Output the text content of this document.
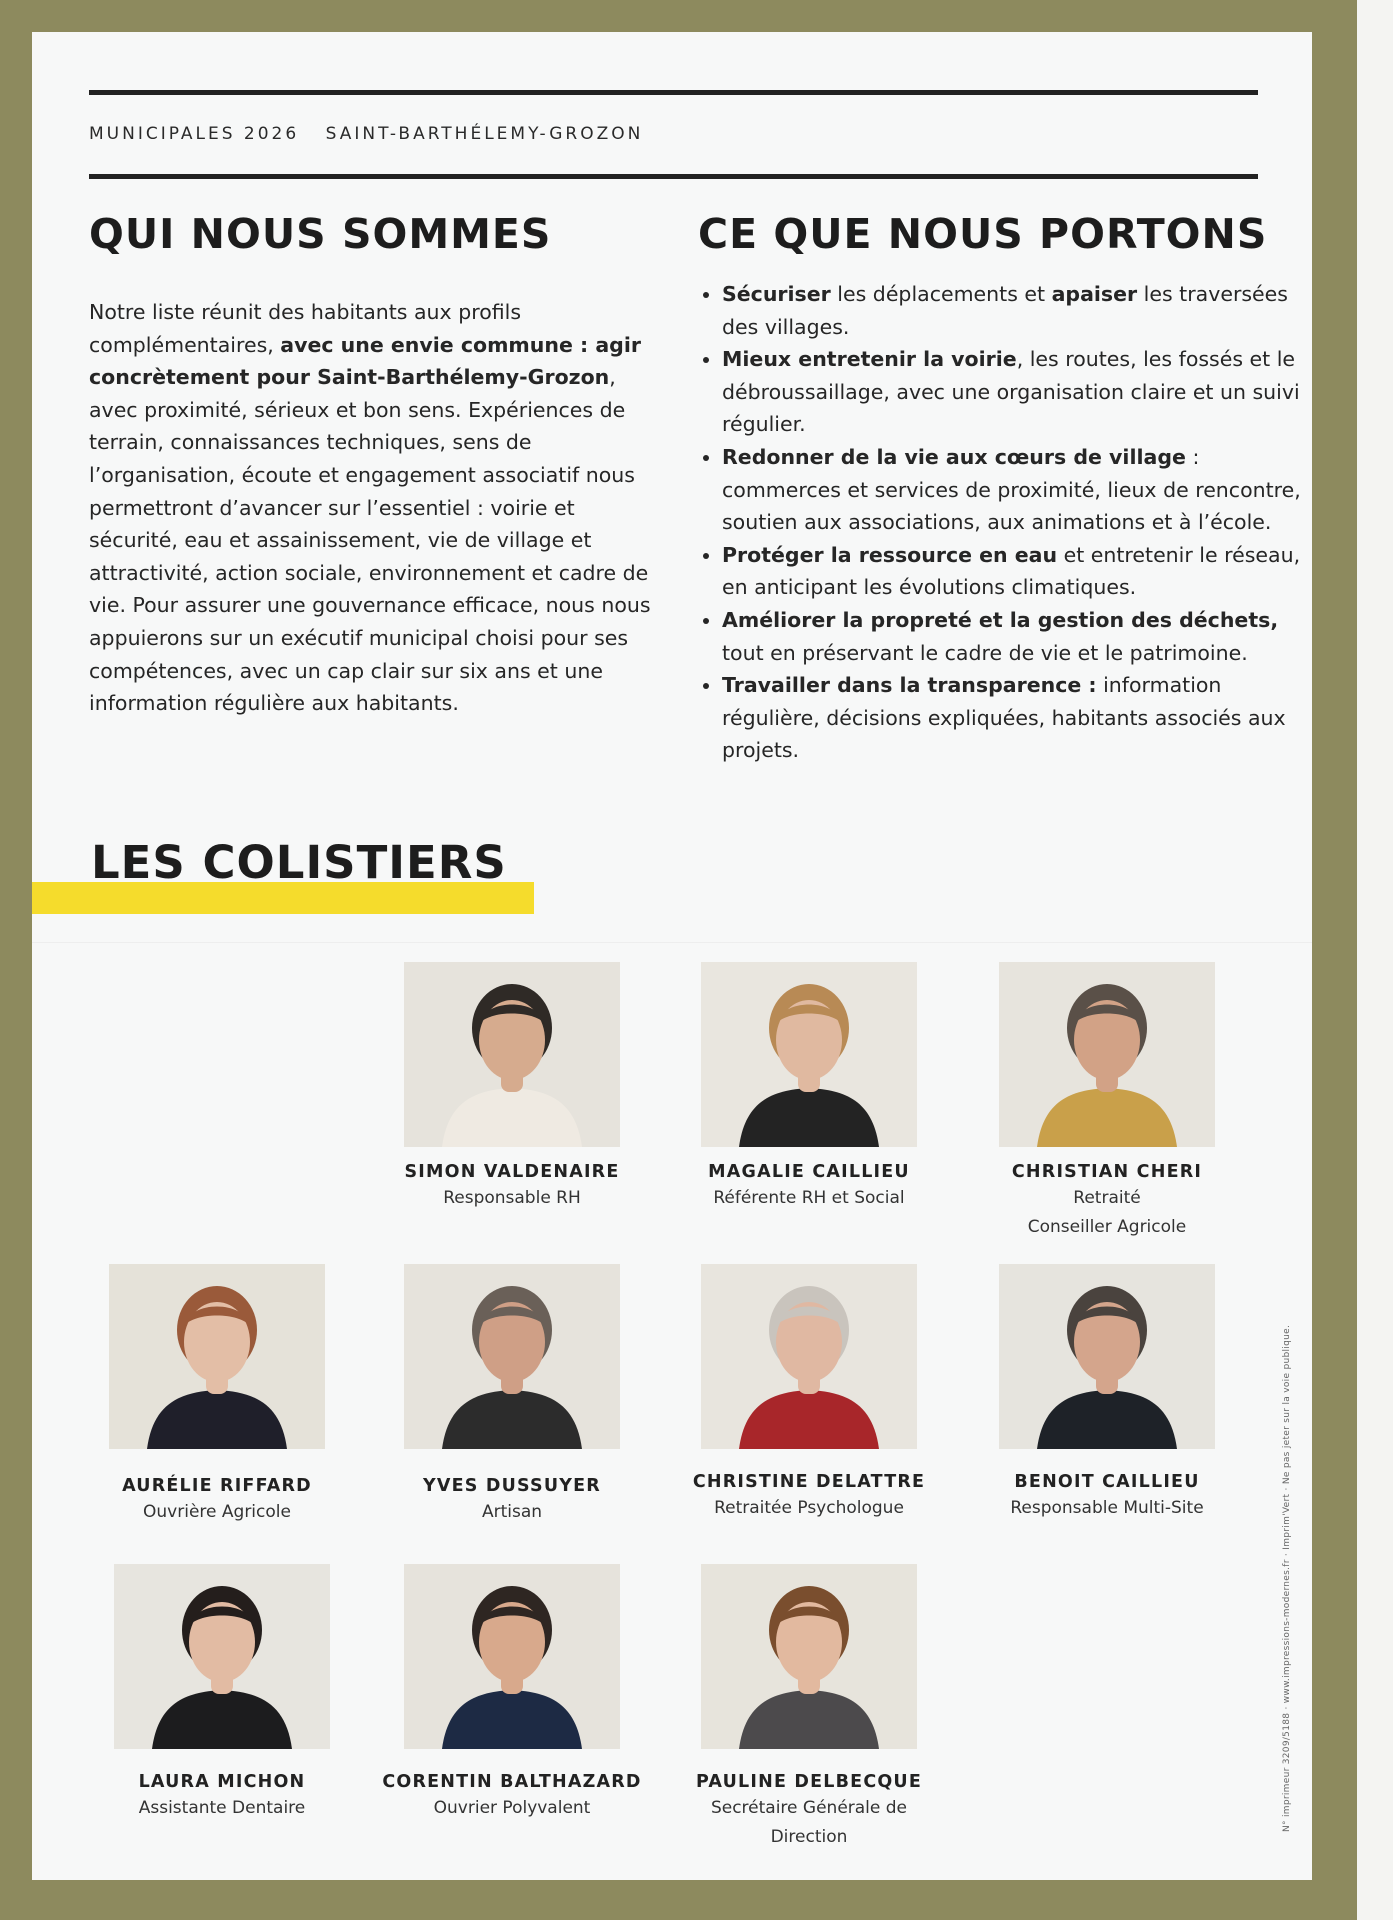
MUNICIPALES 2026 SAINT-BARTHÉLEMY-GROZON
QUI NOUS SOMMES	CE QUE NOUS PORTONS
Notre liste réunit des habitants aux profils complémentaires, avec une envie commune : agir concrètement pour Saint-Barthélemy-Grozon, avec proximité, sérieux et bon sens. Expériences de terrain, connaissances techniques, sens de l’organisation, écoute et engagement associatif nous permettront d’avancer sur l’essentiel : voirie et sécurité, eau et assainissement, vie de village et attractivité, action sociale, environnement et cadre de vie. Pour assurer une gouvernance efficace, nous nous appuierons sur un exécutif municipal choisi pour ses compétences, avec un cap clair sur six ans et une information régulière aux habitants.
• Sécuriser les déplacements et apaiser les traversées des villages.
• Mieux entretenir la voirie, les routes, les fossés et le débroussaillage, avec une organisation claire et un suivi régulier.
• Redonner de la vie aux cœurs de village : commerces et services de proximité, lieux de rencontre, soutien aux associations, aux animations et à l’école.
• Protéger la ressource en eau et entretenir le réseau, en anticipant les évolutions climatiques.
• Améliorer la propreté et la gestion des déchets, tout en préservant le cadre de vie et le patrimoine.
• Travailler dans la transparence : information régulière, décisions expliquées, habitants associés aux projets.
LES COLISTIERS
SIMON VALDENAIRE
Responsable RH
MAGALIE CAILLIEU
Référente RH et Social
CHRISTIAN CHERI
Retraité
Conseiller Agricole
AURÉLIE RIFFARD
Ouvrière Agricole
YVES DUSSUYER
Artisan
CHRISTINE DELATTRE
Retraitée Psychologue
BENOIT CAILLIEU
Responsable Multi-Site
LAURA MICHON
Assistante Dentaire
CORENTIN BALTHAZARD
Ouvrier Polyvalent
PAULINE DELBECQUE
Secrétaire Générale de
Direction
N° imprimeur 3209/5188 · www.impressions-modernes.fr · Imprim'Vert · Ne pas jeter sur la voie publique.
